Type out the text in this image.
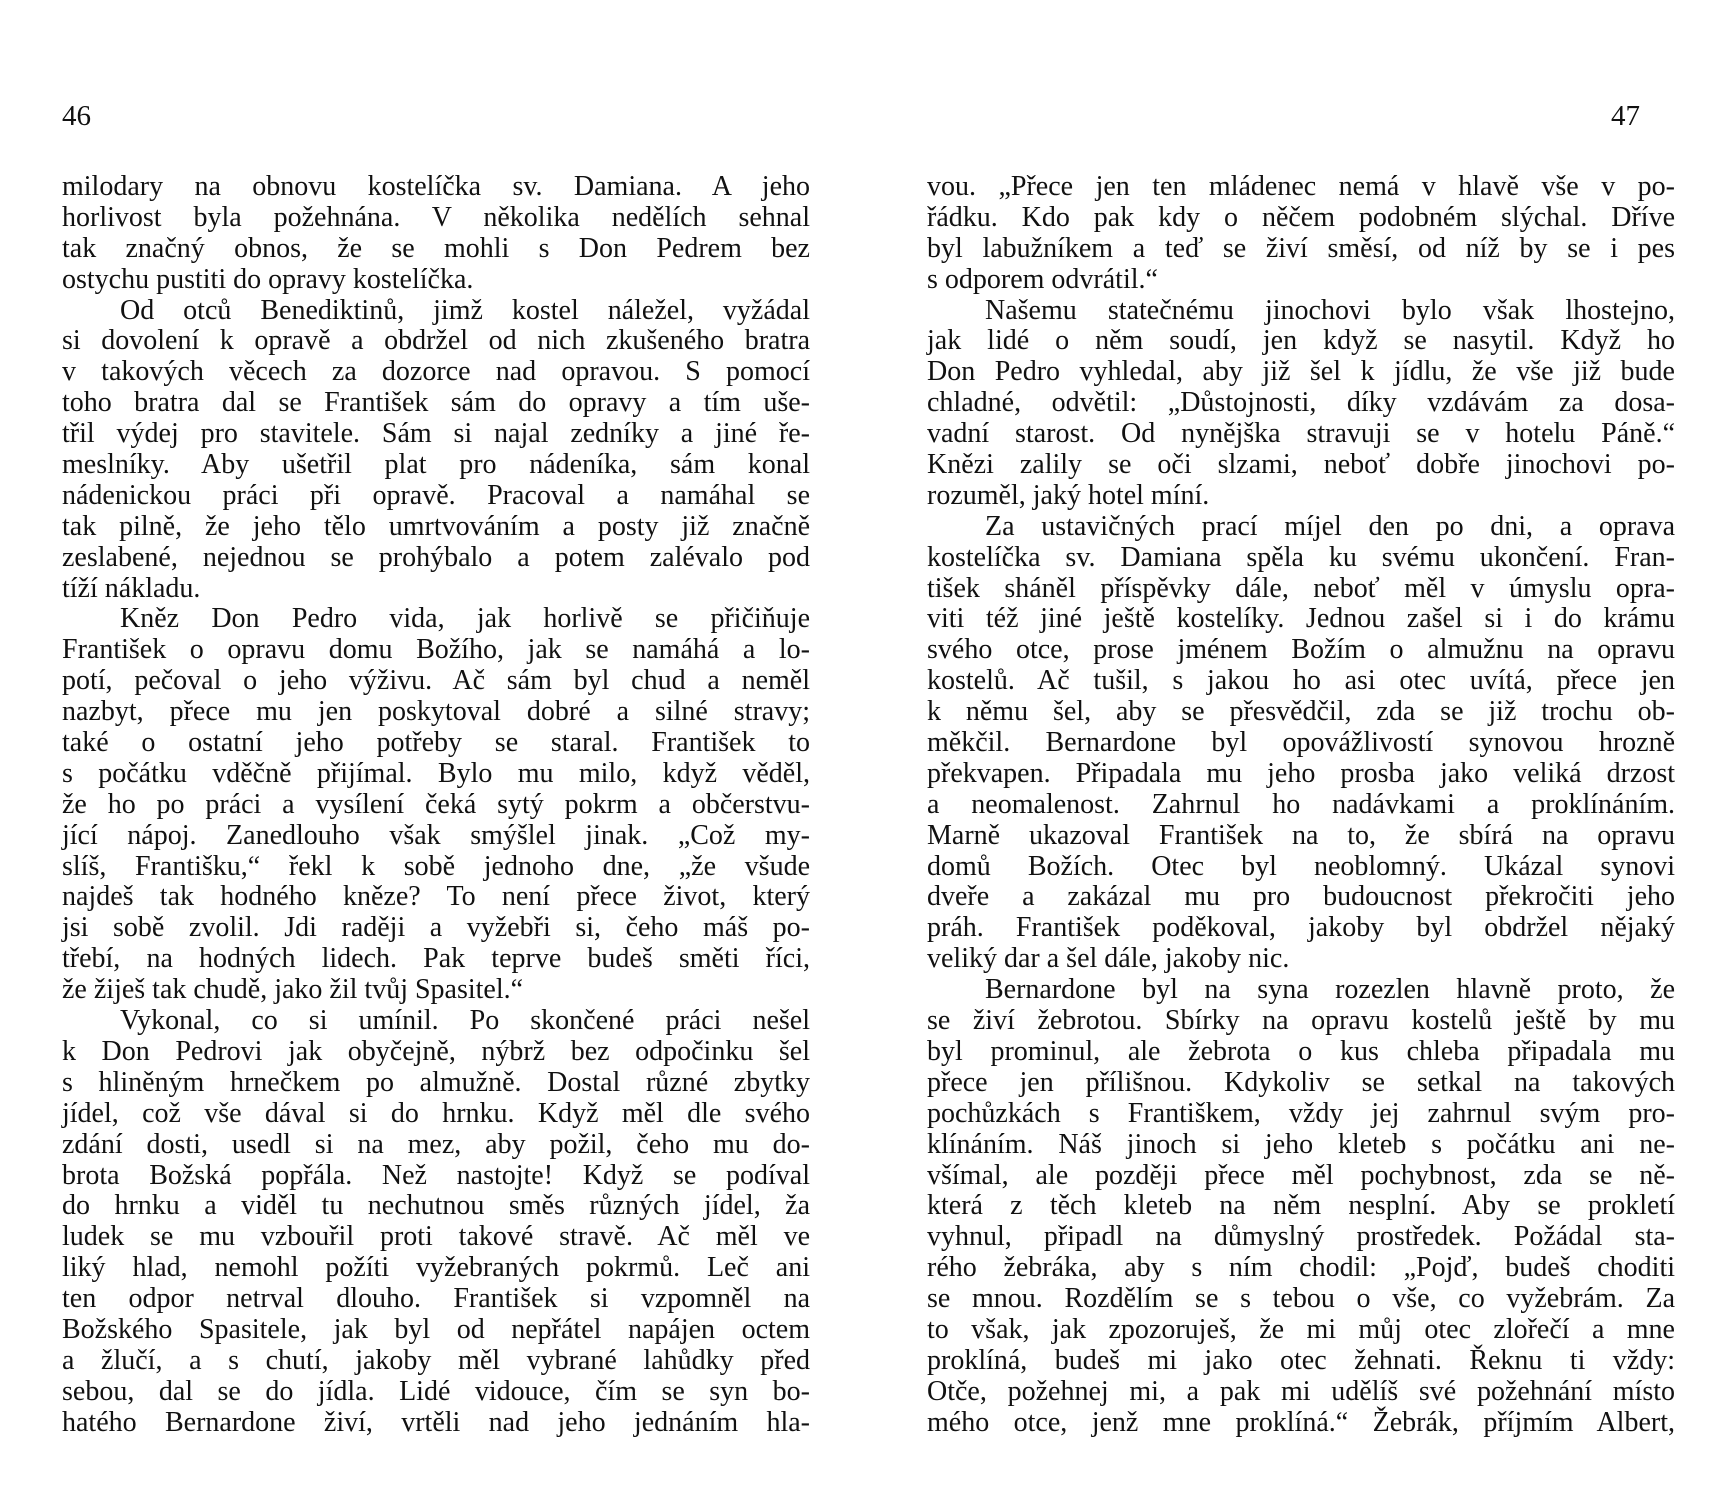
46
milodary na obnovu kostelíčka sv. Damiana. A jeho
horlivost byla požehnána. V několika nedělích sehnal
tak značný obnos, že se mohli s Don Pedrem bez
ostychu pustiti do opravy kostelíčka.
Od otců Benediktinů, jimž kostel náležel, vyžádal
si dovolení k opravě a obdržel od nich zkušeného bratra
v takových věcech za dozorce nad opravou. S pomocí
toho bratra dal se František sám do opravy a tím uše-
třil výdej pro stavitele. Sám si najal zedníky a jiné ře-
meslníky. Aby ušetřil plat pro nádeníka, sám konal
nádenickou práci při opravě. Pracoval a namáhal se
tak pilně, že jeho tělo umrtvováním a posty již značně
zeslabené, nejednou se prohýbalo a potem zalévalo pod
tíží nákladu.
Kněz Don Pedro vida, jak horlivě se přičiňuje
František o opravu domu Božího, jak se namáhá a lo-
potí, pečoval o jeho výživu. Ač sám byl chud a neměl
nazbyt, přece mu jen poskytoval dobré a silné stravy;
také o ostatní jeho potřeby se staral. František to
s počátku vděčně přijímal. Bylo mu milo, když věděl,
že ho po práci a vysílení čeká sytý pokrm a občerstvu-
jící nápoj. Zanedlouho však smýšlel jinak. „Což my-
slíš, Františku,“ řekl k sobě jednoho dne, „že všude
najdeš tak hodného kněze? To není přece život, který
jsi sobě zvolil. Jdi raději a vyžebři si, čeho máš po-
třebí, na hodných lidech. Pak teprve budeš směti říci,
že žiješ tak chudě, jako žil tvůj Spasitel.“
Vykonal, co si umínil. Po skončené práci nešel
k Don Pedrovi jak obyčejně, nýbrž bez odpočinku šel
s hliněným hrnečkem po almužně. Dostal různé zbytky
jídel, což vše dával si do hrnku. Když měl dle svého
zdání dosti, usedl si na mez, aby požil, čeho mu do-
brota Božská popřála. Než nastojte! Když se podíval
do hrnku a viděl tu nechutnou směs různých jídel, ža
ludek se mu vzbouřil proti takové stravě. Ač měl ve
liký hlad, nemohl požíti vyžebraných pokrmů. Leč ani
ten odpor netrval dlouho. František si vzpomněl na
Božského Spasitele, jak byl od nepřátel napájen octem
a žlučí, a s chutí, jakoby měl vybrané lahůdky před
sebou, dal se do jídla. Lidé vidouce, čím se syn bo-
hatého Bernardone živí, vrtěli nad jeho jednáním hla-
47
vou. „Přece jen ten mládenec nemá v hlavě vše v po-
řádku. Kdo pak kdy o něčem podobném slýchal. Dříve
byl labužníkem a teď se živí směsí, od níž by se i pes
s odporem odvrátil.“
Našemu statečnému jinochovi bylo však lhostejno,
jak lidé o něm soudí, jen když se nasytil. Když ho
Don Pedro vyhledal, aby již šel k jídlu, že vše již bude
chladné, odvětil: „Důstojnosti, díky vzdávám za dosa-
vadní starost. Od nynějška stravuji se v hotelu Páně.“
Knězi zalily se oči slzami, neboť dobře jinochovi po-
rozuměl, jaký hotel míní.
Za ustavičných prací míjel den po dni, a oprava
kostelíčka sv. Damiana spěla ku svému ukončení. Fran-
tišek sháněl příspěvky dále, neboť měl v úmyslu opra-
viti též jiné ještě kostelíky. Jednou zašel si i do krámu
svého otce, prose jménem Božím o almužnu na opravu
kostelů. Ač tušil, s jakou ho asi otec uvítá, přece jen
k němu šel, aby se přesvědčil, zda se již trochu ob-
měkčil. Bernardone byl opovážlivostí synovou hrozně
překvapen. Připadala mu jeho prosba jako veliká drzost
a neomalenost. Zahrnul ho nadávkami a proklínáním.
Marně ukazoval František na to, že sbírá na opravu
domů Božích. Otec byl neoblomný. Ukázal synovi
dveře a zakázal mu pro budoucnost překročiti jeho
práh. František poděkoval, jakoby byl obdržel nějaký
veliký dar a šel dále, jakoby nic.
Bernardone byl na syna rozezlen hlavně proto, že
se živí žebrotou. Sbírky na opravu kostelů ještě by mu
byl prominul, ale žebrota o kus chleba připadala mu
přece jen přílišnou. Kdykoliv se setkal na takových
pochůzkách s Františkem, vždy jej zahrnul svým pro-
klínáním. Náš jinoch si jeho kleteb s počátku ani ne-
všímal, ale později přece měl pochybnost, zda se ně-
která z těch kleteb na něm nesplní. Aby se prokletí
vyhnul, připadl na důmyslný prostředek. Požádal sta-
rého žebráka, aby s ním chodil: „Pojď, budeš choditi
se mnou. Rozdělím se s tebou o vše, co vyžebrám. Za
to však, jak zpozoruješ, že mi můj otec zlořečí a mne
proklíná, budeš mi jako otec žehnati. Řeknu ti vždy:
Otče, požehnej mi, a pak mi udělíš své požehnání místo
mého otce, jenž mne proklíná.“ Žebrák, příjmím Albert,
